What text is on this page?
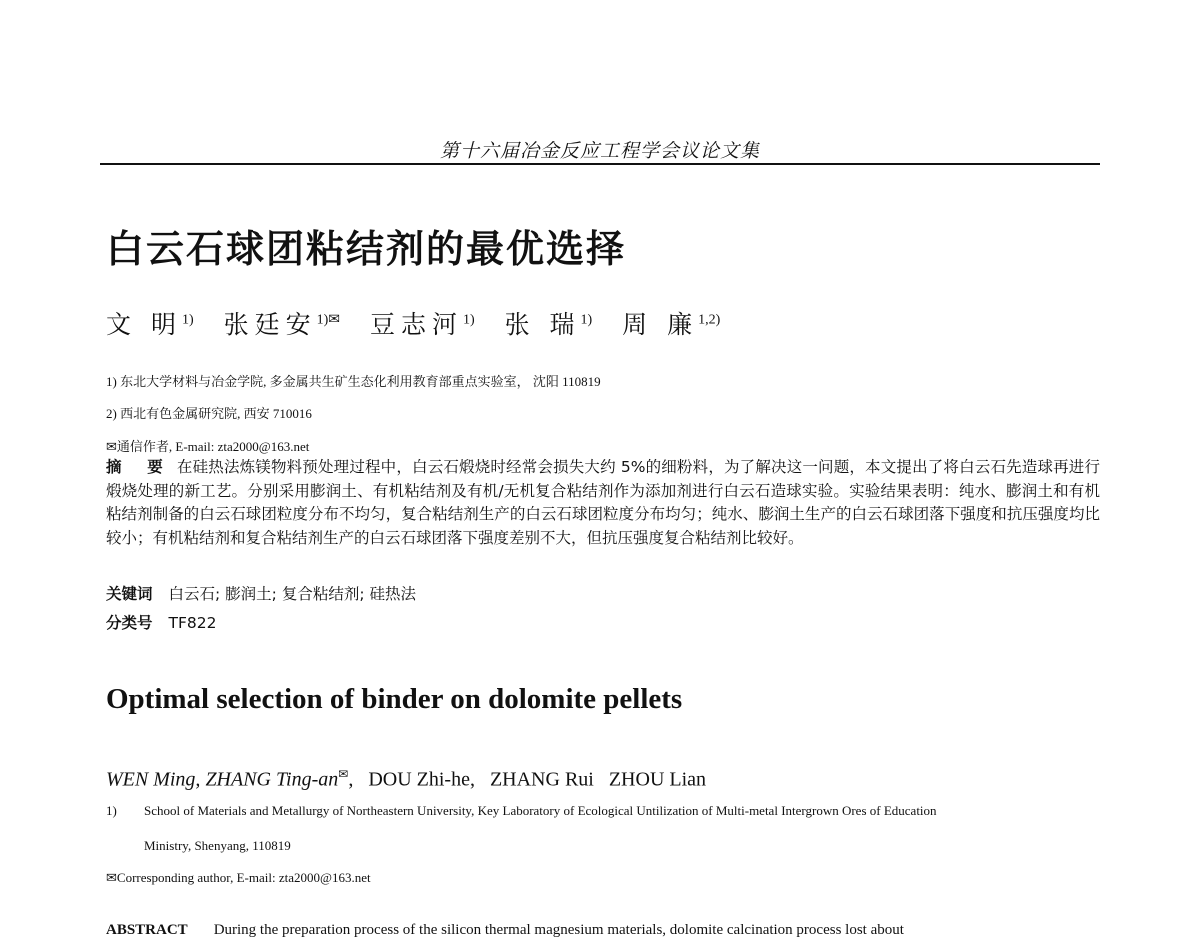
第十六届冶金反应工程学会议论文集
白云石球团粘结剂的最优选择
文 明$^{1)}$ 张廷安$^{1)✉}$ 豆志河$^{1)}$ 张 瑞$^{1)}$ 周 廉$^{1,2)}$
1) 东北大学材料与冶金学院, 多金属共生矿生态化利用教育部重点实验室， 沈阳 110819
2) 西北有色金属研究院, 西安 710016
✉通信作者, E-mail: zta2000@163.net
摘 要 在硅热法炼镁物料预处理过程中，白云石煅烧时经常会损失大约 5%的细粉料，为了解决这一问题，本文提出了将白云石先造球再进行煅烧处理的新工艺。分别采用膨润土、有机粘结剂及有机/无机复合粘结剂作为添加剂进行白云石造球实验。实验结果表明：纯水、膨润土和有机粘结剂制备的白云石球团粒度分布不均匀，复合粘结剂生产的白云石球团粒度分布均匀；纯水、膨润土生产的白云石球团落下强度和抗压强度均比较小；有机粘结剂和复合粘结剂生产的白云石球团落下强度差别不大，但抗压强度复合粘结剂比较好。
关键词 白云石; 膨润土; 复合粘结剂; 硅热法
分类号 TF822
Optimal selection of binder on dolomite pellets
WEN Ming, ZHANG Ting-an✉,   DOU Zhi-he,   ZHANG Rui   ZHOU Lian
1) School of Materials and Metallurgy of Northeastern University, Key Laboratory of Ecological Untilization of Multi-metal Intergrown Ores of Education
Ministry, Shenyang, 110819
✉Corresponding author, E-mail: zta2000@163.net
ABSTRACT During the preparation process of the silicon thermal magnesium materials, dolomite calcination process lost about
